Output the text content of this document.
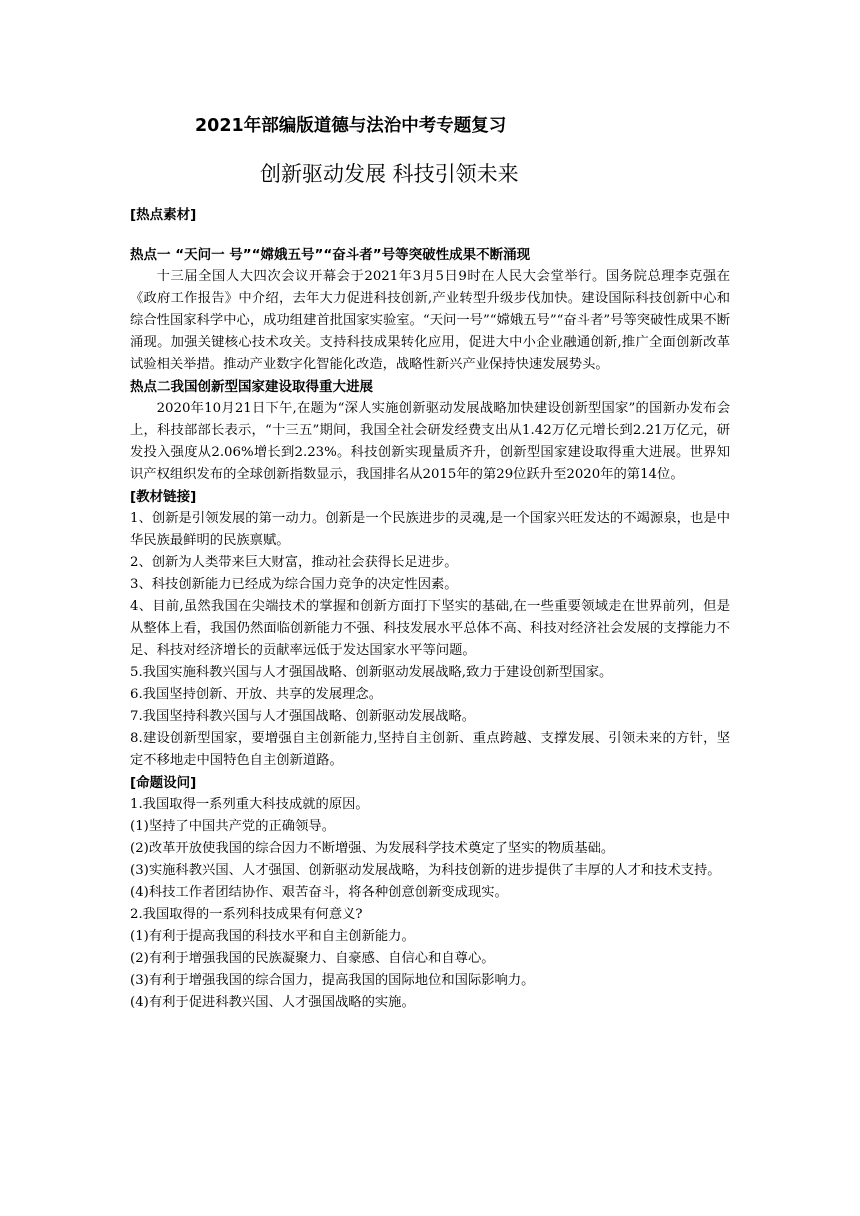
2021年部编版道德与法治中考专题复习
创新驱动发展 科技引领未来
[热点素材]
热点一 “天问一 号”“嫦娥五号”“奋斗者”号等突破性成果不断涌现

十三届全国人大四次会议开幕会于2021年3月5日9时在人民大会堂举行。国务院总理李克强在《政府工作报告》中介绍，去年大力促进科技创新,产业转型升级步伐加快。建设国际科技创新中心和综合性国家科学中心，成功组建首批国家实验室。“天问一号”“嫦娥五号”“奋斗者”号等突破性成果不断涌现。加强关键核心技术攻关。支持科技成果转化应用，促进大中小企业融通创新,推广全面创新改革试验相关举措。推动产业数字化智能化改造，战略性新兴产业保持快速发展势头。

热点二我国创新型国家建设取得重大进展

2020年10月21日下午,在题为“深人实施创新驱动发展战略加快建设创新型国家”的国新办发布会上，科技部部长表示，“十三五”期间，我国全社会研发经费支出从1.42万亿元增长到2.21万亿元，研发投入强度从2.06%增长到2.23%。科技创新实现量质齐升，创新型国家建设取得重大进展。世界知识产权组织发布的全球创新指数显示，我国排名从2015年的第29位跃升至2020年的第14位。

[教材链接]

1、创新是引领发展的第一动力。创新是一个民族进步的灵魂,是一个国家兴旺发达的不竭源泉，也是中华民族最鲜明的民族禀赋。

2、创新为人类带来巨大财富，推动社会获得长足进步。

3、科技创新能力已经成为综合国力竞争的决定性因素。

4、目前,虽然我国在尖端技术的掌握和创新方面打下坚实的基础,在一些重要领域走在世界前列，但是从整体上看，我国仍然面临创新能力不强、科技发展水平总体不高、科技对经济社会发展的支撑能力不足、科技对经济增长的贡献率远低于发达国家水平等问题。

5.我国实施科教兴国与人才强国战略、创新驱动发展战略,致力于建设创新型国家。

6.我国坚持创新、开放、共享的发展理念。

7.我国坚持科教兴国与人才强国战略、创新驱动发展战略。

8.建设创新型国家，要增强自主创新能力,坚持自主创新、重点跨越、支撑发展、引领未来的方针，坚定不移地走中国特色自主创新道路。

[命题设问]

1.我国取得一系列重大科技成就的原因。

(1)坚持了中国共产党的正确领导。

(2)改革开放使我国的综合因力不断增强、为发展科学技术奠定了坚实的物质基础。

(3)实施科教兴国、人才强国、创新驱动发展战略，为科技创新的进步提供了丰厚的人才和技术支持。

(4)科技工作者团结协作、艰苦奋斗，将各种创意创新变成现实。

2.我国取得的一系列科技成果有何意义?

(1)有利于提高我国的科技水平和自主创新能力。

(2)有利于增强我国的民族凝聚力、自豪感、自信心和自尊心。

(3)有利于增强我国的综合国力，提高我国的国际地位和国际影响力。

(4)有利于促进科教兴国、人才强国战略的实施。
